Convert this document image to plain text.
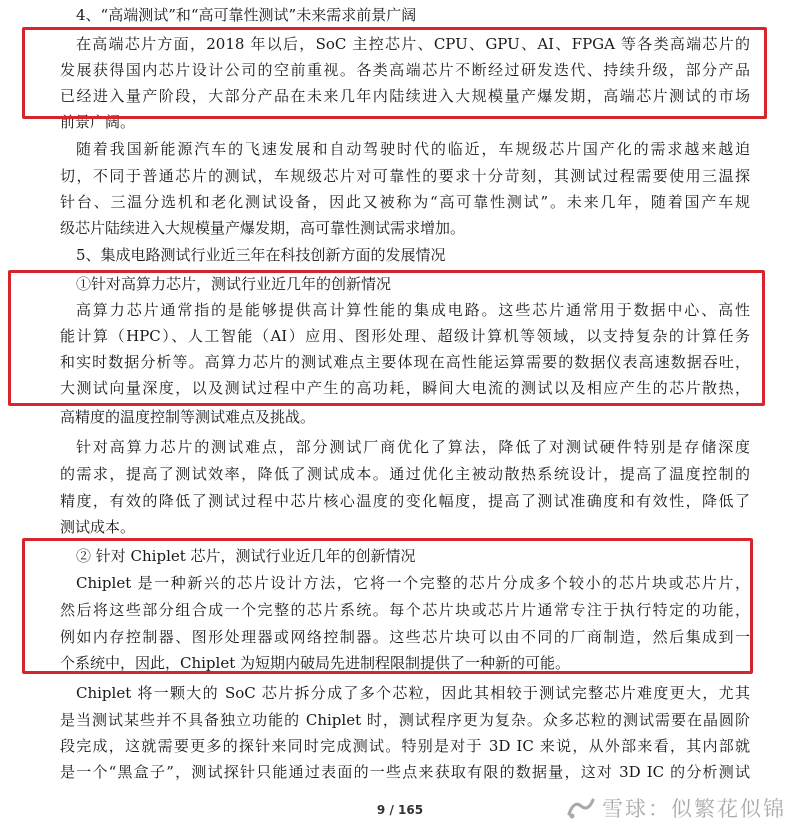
4、“高端测试”和“高可靠性测试”未来需求前景广阔
在高端芯片方面，2018 年以后，SoC 主控芯片、CPU、GPU、AI、FPGA 等各类高端芯片的
发展获得国内芯片设计公司的空前重视。各类高端芯片不断经过研发迭代、持续升级，部分产品
已经进入量产阶段，大部分产品在未来几年内陆续进入大规模量产爆发期，高端芯片测试的市场
前景广阔。
随着我国新能源汽车的飞速发展和自动驾驶时代的临近，车规级芯片国产化的需求越来越迫
切，不同于普通芯片的测试，车规级芯片对可靠性的要求十分苛刻，其测试过程需要使用三温探
针台、三温分选机和老化测试设备，因此又被称为“高可靠性测试”。未来几年，随着国产车规
级芯片陆续进入大规模量产爆发期，高可靠性测试需求增加。
5、集成电路测试行业近三年在科技创新方面的发展情况
①针对高算力芯片，测试行业近几年的创新情况
高算力芯片通常指的是能够提供高计算性能的集成电路。这些芯片通常用于数据中心、高性
能计算（HPC）、人工智能（AI）应用、图形处理、超级计算机等领域，以支持复杂的计算任务
和实时数据分析等。高算力芯片的测试难点主要体现在高性能运算需要的数据仪表高速数据吞吐，
大测试向量深度，以及测试过程中产生的高功耗，瞬间大电流的测试以及相应产生的芯片散热，
高精度的温度控制等测试难点及挑战。
针对高算力芯片的测试难点，部分测试厂商优化了算法，降低了对测试硬件特别是存储深度
的需求，提高了测试效率，降低了测试成本。通过优化主被动散热系统设计，提高了温度控制的
精度，有效的降低了测试过程中芯片核心温度的变化幅度，提高了测试准确度和有效性，降低了
测试成本。
② 针对 Chiplet 芯片，测试行业近几年的创新情况
Chiplet 是一种新兴的芯片设计方法，它将一个完整的芯片分成多个较小的芯片块或芯片片，
然后将这些部分组合成一个完整的芯片系统。每个芯片块或芯片片通常专注于执行特定的功能，
例如内存控制器、图形处理器或网络控制器。这些芯片块可以由不同的厂商制造，然后集成到一
个系统中，因此，Chiplet 为短期内破局先进制程限制提供了一种新的可能。
Chiplet 将一颗大的 SoC 芯片拆分成了多个芯粒，因此其相较于测试完整芯片难度更大，尤其
是当测试某些并不具备独立功能的 Chiplet 时，测试程序更为复杂。众多芯粒的测试需要在晶圆阶
段完成，这就需要更多的探针来同时完成测试。特别是对于 3D IC 来说，从外部来看，其内部就
是一个“黑盒子”，测试探针只能通过表面的一些点来获取有限的数据量，这对 3D IC 的分析测试
9 / 165	雪球：似繁花似锦
